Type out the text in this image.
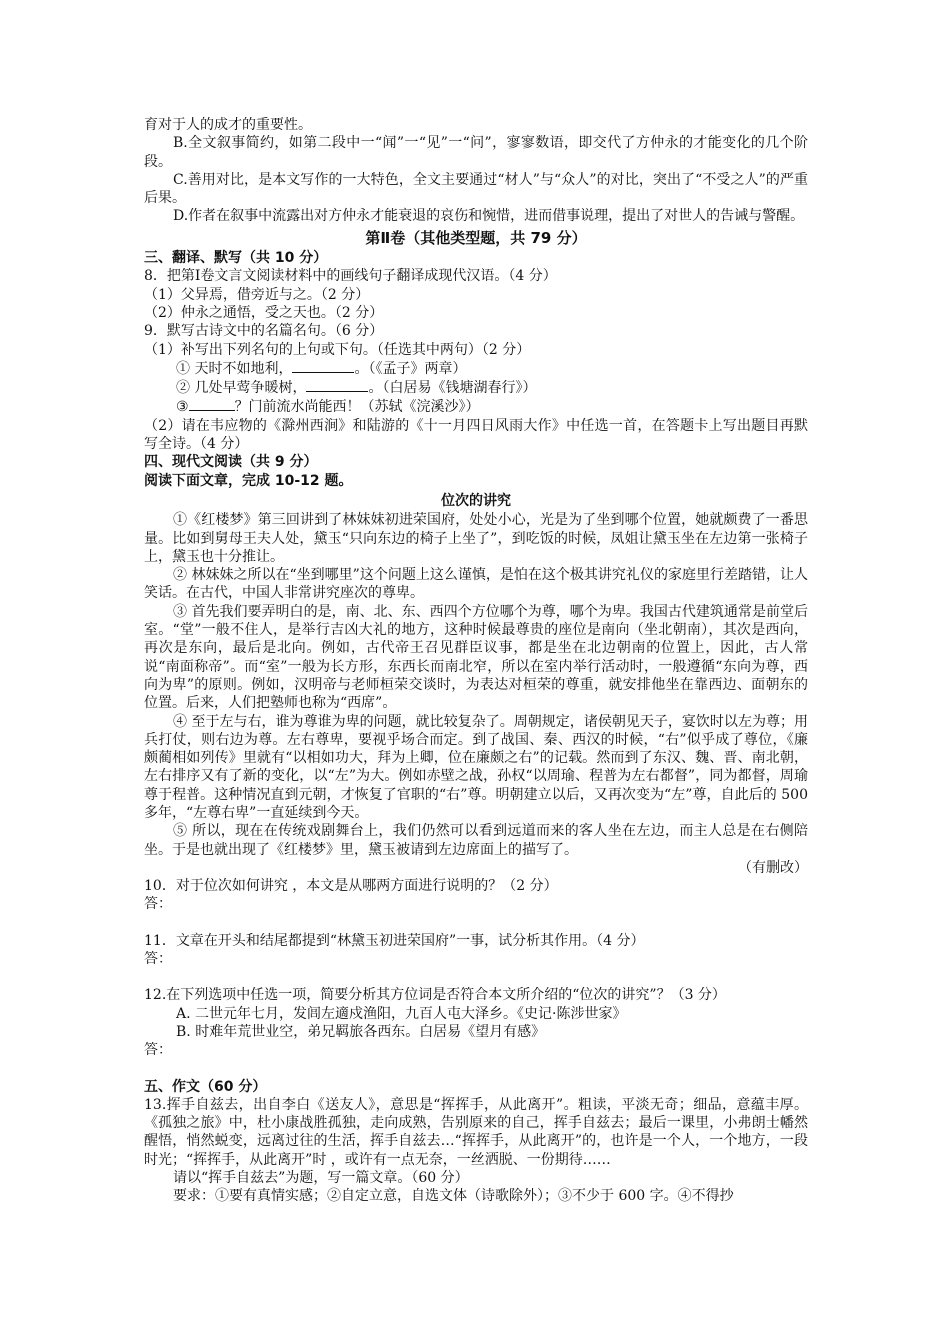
育对于人的成才的重要性。

B.全文叙事简约，如第二段中一“闻”一“见”一“问”，寥寥数语，即交代了方仲永的才能变化的几个阶段。

C.善用对比，是本文写作的一大特色，全文主要通过“材人”与“众人”的对比，突出了“不受之人”的严重后果。

D.作者在叙事中流露出对方仲永才能衰退的哀伤和惋惜，进而借事说理，提出了对世人的告诫与警醒。

第Ⅱ卷（其他类型题，共 79 分）

三、翻译、默写（共 10 分）

8．把第Ⅰ卷文言文阅读材料中的画线句子翻译成现代汉语。（4 分）

（1）父异焉，借旁近与之。（2 分）

（2）仲永之通悟，受之天也。（2 分）

9．默写古诗文中的名篇名句。（6 分）

（1）补写出下列名句的上句或下句。（任选其中两句）（2 分）

① 天时不如地利，	。（《孟子》两章）

② 几处早莺争暖树，	。（白居易《钱塘湖春行》）

③	？门前流水尚能西！（苏轼《浣溪沙》）

（2）请在韦应物的《滁州西涧》和陆游的《十一月四日风雨大作》中任选一首，在答题卡上写出题目再默写全诗。（4 分）

四、现代文阅读（共 9 分）

阅读下面文章，完成 10-12 题。

位次的讲究

①《红楼梦》第三回讲到了林妹妹初进荣国府，处处小心，光是为了坐到哪个位置，她就颇费了一番思量。比如到舅母王夫人处，黛玉“只向东边的椅子上坐了”，到吃饭的时候，凤姐让黛玉坐在左边第一张椅子上，黛玉也十分推让。

② 林妹妹之所以在“坐到哪里”这个问题上这么谨慎，是怕在这个极其讲究礼仪的家庭里行差踏错，让人笑话。在古代，中国人非常讲究座次的尊卑。

③ 首先我们要弄明白的是，南、北、东、西四个方位哪个为尊，哪个为卑。我国古代建筑通常是前堂后室。“堂”一般不住人，是举行吉凶大礼的地方，这种时候最尊贵的座位是南向（坐北朝南），其次是西向，再次是东向，最后是北向。例如，古代帝王召见群臣议事，都是坐在北边朝南的位置上，因此，古人常说“南面称帝”。而“室”一般为长方形，东西长而南北窄，所以在室内举行活动时，一般遵循“东向为尊，西向为卑”的原则。例如，汉明帝与老师桓荣交谈时，为表达对桓荣的尊重，就安排他坐在靠西边、面朝东的位置。后来，人们把塾师也称为“西席”。

④ 至于左与右，谁为尊谁为卑的问题，就比较复杂了。周朝规定，诸侯朝见天子，宴饮时以左为尊；用兵打仗，则右边为尊。左右尊卑，要视乎场合而定。到了战国、秦、西汉的时候，“右”似乎成了尊位，《廉颇蔺相如列传》里就有“以相如功大，拜为上卿，位在廉颇之右”的记载。然而到了东汉、魏、晋、南北朝，左右排序又有了新的变化，以“左”为大。例如赤壁之战，孙权“以周瑜、程普为左右都督”，同为都督，周瑜尊于程普。这种情况直到元朝，才恢复了官职的“右”尊。明朝建立以后，又再次变为“左”尊，自此后的 500 多年，“左尊右卑”一直延续到今天。

⑤ 所以，现在在传统戏剧舞台上，我们仍然可以看到远道而来的客人坐在左边，而主人总是在右侧陪坐。于是也就出现了《红楼梦》里，黛玉被请到左边席面上的描写了。

（有删改）

10．对于位次如何讲究 ，本文是从哪两方面进行说明的？（2 分）

答：

11．文章在开头和结尾都提到“林黛玉初进荣国府”一事，试分析其作用。（4 分）

答：

12.在下列选项中任选一项，简要分析其方位词是否符合本文所介绍的“位次的讲究”？（3 分）

A. 二世元年七月，发闾左適戍渔阳，九百人屯大泽乡。《史记·陈涉世家》

B. 时难年荒世业空，弟兄羁旅各西东。白居易《望月有感》

答：

五、作文（60 分）

13.挥手自兹去，出自李白《送友人》，意思是“挥挥手，从此离开”。粗读，平淡无奇；细品，意蕴丰厚。《孤独之旅》中，杜小康战胜孤独，走向成熟，告别原来的自己，挥手自兹去；最后一课里，小弗朗士幡然醒悟，悄然蜕变，远离过往的生活，挥手自兹去…“挥挥手，从此离开”的，也许是一个人，一个地方，一段时光；“挥挥手，从此离开”时 ，或许有一点无奈，一丝洒脱、一份期待……

请以“挥手自兹去”为题，写一篇文章。（60 分）

要求：①要有真情实感；②自定立意，自选文体（诗歌除外）；③不少于 600 字。④不得抄
